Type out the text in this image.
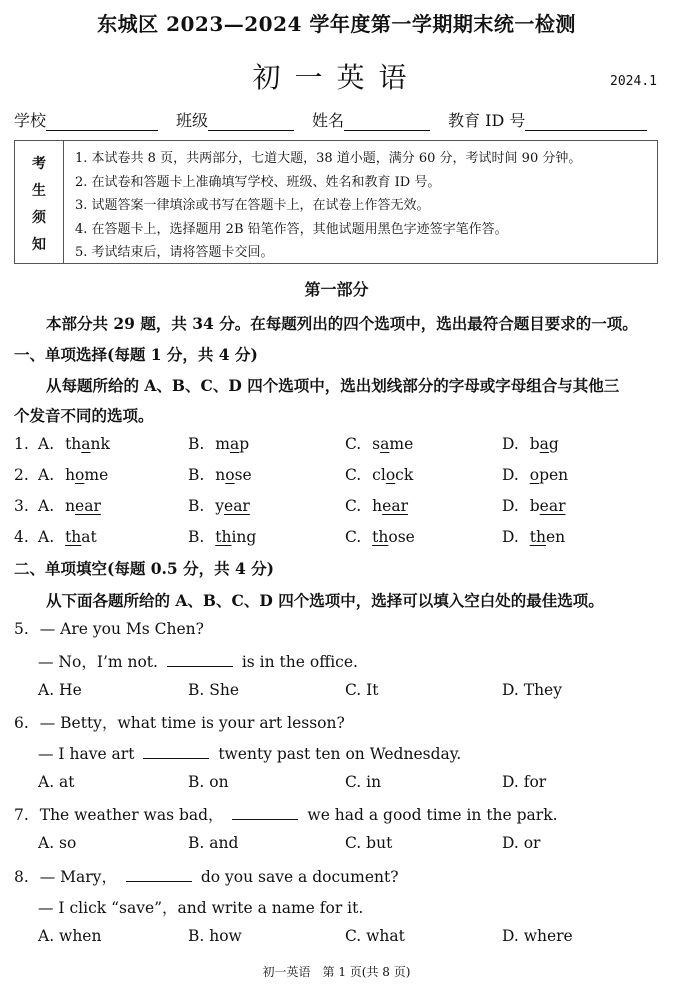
东城区 2023—2024 学年度第一学期期末统一检测
初一英语	2024.1
学校	班级	姓名	教育 ID 号
考
生
须
知
1. 本试卷共 8 页，共两部分，七道大题，38 道小题，满分 60 分，考试时间 90 分钟。
2. 在试卷和答题卡上准确填写学校、班级、姓名和教育 ID 号。
3. 试题答案一律填涂或书写在答题卡上，在试卷上作答无效。
4. 在答题卡上，选择题用 2B 铅笔作答，其他试题用黑色字迹签字笔作答。
5. 考试结束后，请将答题卡交回。
第一部分
本部分共 29 题，共 34 分。在每题列出的四个选项中，选出最符合题目要求的一项。
一、单项选择(每题 1 分，共 4 分)
从每题所给的 A、B、C、D 四个选项中，选出划线部分的字母或字母组合与其他三
个发音不同的选项。
1. A. thank	B. map	C. same	D. bag
2. A. home	B. nose	C. clock	D. open
3. A. near	B. year	C. hear	D. bear
4. A. that	B. thing	C. those	D. then
二、单项填空(每题 0.5 分，共 4 分)
从下面各题所给的 A、B、C、D 四个选项中，选择可以填入空白处的最佳选项。
5. — Are you Ms Chen?
— No，I’m not.	is in the office.
A. He	B. She	C. It	D. They
6. — Betty，what time is your art lesson?
— I have art	twenty past ten on Wednesday.
A. at	B. on	C. in	D. for
7. The weather was bad，	we had a good time in the park.
A. so	B. and	C. but	D. or
8. — Mary，	do you save a document?
— I click “save”，and write a name for it.
A. when	B. how	C. what	D. where
初一英语　第 1 页(共 8 页)
